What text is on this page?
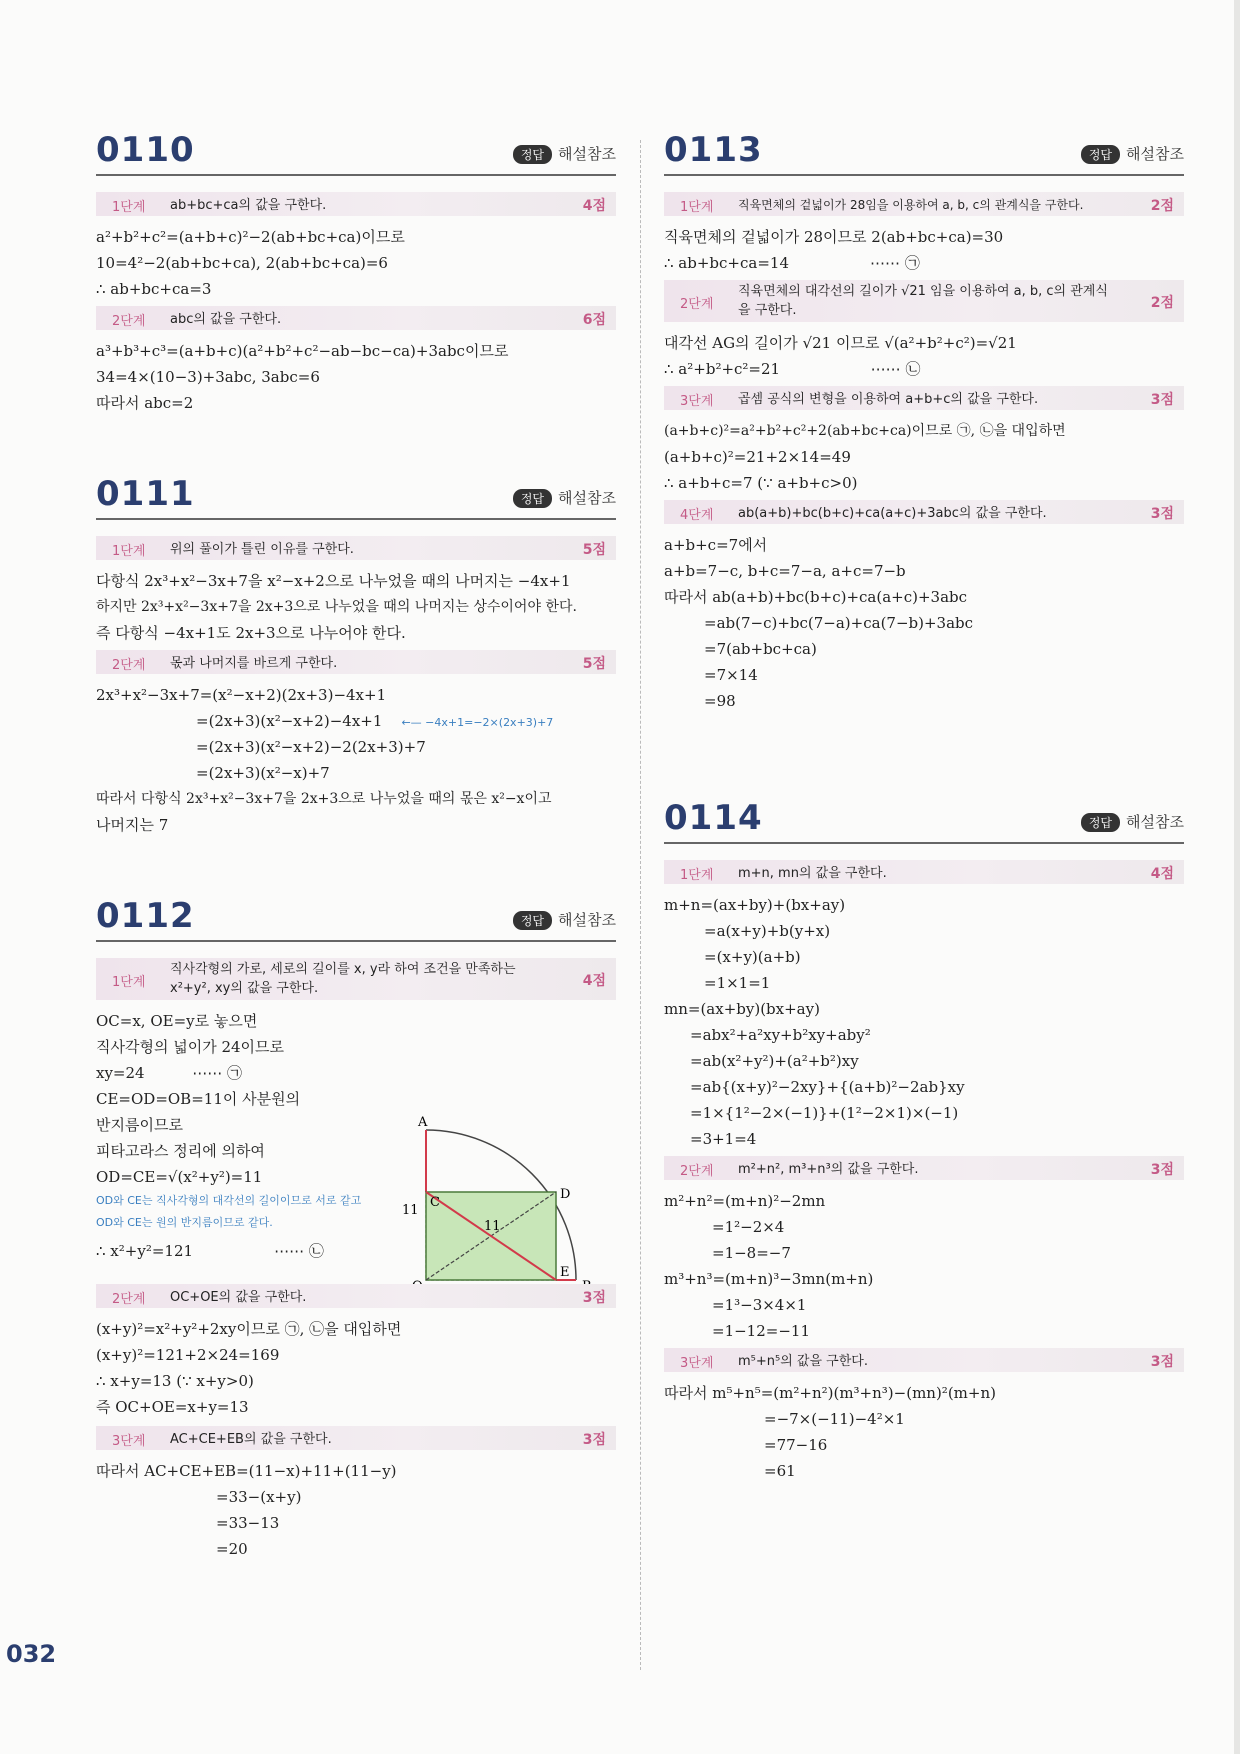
0110	정답 해설참조
1단계 ab+bc+ca의 값을 구한다.	4점
a²+b²+c²=(a+b+c)²−2(ab+bc+ca)이므로
10=4²−2(ab+bc+ca), 2(ab+bc+ca)=6
∴ ab+bc+ca=3
2단계 abc의 값을 구한다.	6점
a³+b³+c³=(a+b+c)(a²+b²+c²−ab−bc−ca)+3abc이므로
34=4×(10−3)+3abc, 3abc=6
따라서 abc=2
0111	정답 해설참조
1단계 위의 풀이가 틀린 이유를 구한다.	5점
다항식 2x³+x²−3x+7을 x²−x+2으로 나누었을 때의 나머지는 −4x+1
하지만 2x³+x²−3x+7을 2x+3으로 나누었을 때의 나머지는 상수이어야 한다.
즉 다항식 −4x+1도 2x+3으로 나누어야 한다.
2단계 몫과 나머지를 바르게 구한다.	5점
2x³+x²−3x+7=(x²−x+2)(2x+3)−4x+1
=(2x+3)(x²−x+2)−4x+1 ←— −4x+1=−2×(2x+3)+7
=(2x+3)(x²−x+2)−2(2x+3)+7
=(2x+3)(x²−x)+7
따라서 다항식 2x³+x²−3x+7을 2x+3으로 나누었을 때의 몫은 x²−x이고
나머지는 7
0112	정답 해설참조
1단계
직사각형의 가로, 세로의 길이를 x, y라 하여 조건을 만족하는 x²+y², xy의 값을 구한다.	4점
OC=x, OE=y로 놓으면
직사각형의 넓이가 24이므로
xy=24          ⋯⋯ ㉠
CE=OD=OB=11이 사분원의
반지름이므로
피타고라스 정리에 의하여
OD=CE=√(x²+y²)=11
OD와 CE는 직사각형의 대각선의 길이이므로 서로 같고
OD와 CE는 원의 반지름이므로 같다.
∴ x²+y²=121                 ⋯⋯ ㉡
A
C
D
E
11
11
2단계 OC+OE의 값을 구한다.	3점
(x+y)²=x²+y²+2xy이므로 ㉠, ㉡을 대입하면
(x+y)²=121+2×24=169
∴ x+y=13 (∵ x+y>0)
즉 OC+OE=x+y=13
3단계 AC+CE+EB의 값을 구한다.	3점
따라서 AC+CE+EB=(11−x)+11+(11−y)
=33−(x+y)
=33−13
=20
0113	정답 해설참조
1단계 직육면체의 겉넓이가 28임을 이용하여 a, b, c의 관계식을 구한다.	2점
직육면체의 겉넓이가 28이므로 2(ab+bc+ca)=30
∴ ab+bc+ca=14                 ⋯⋯ ㉠
2단계
직육면체의 대각선의 길이가 √21 임을 이용하여 a, b, c의 관계식을 구한다.	2점
대각선 AG의 길이가 √21 이므로 √(a²+b²+c²)=√21
∴ a²+b²+c²=21                   ⋯⋯ ㉡
3단계 곱셈 공식의 변형을 이용하여 a+b+c의 값을 구한다.	3점
(a+b+c)²=a²+b²+c²+2(ab+bc+ca)이므로 ㉠, ㉡을 대입하면
(a+b+c)²=21+2×14=49
∴ a+b+c=7 (∵ a+b+c>0)
4단계 ab(a+b)+bc(b+c)+ca(a+c)+3abc의 값을 구한다.	3점
a+b+c=7에서
a+b=7−c, b+c=7−a, a+c=7−b
따라서 ab(a+b)+bc(b+c)+ca(a+c)+3abc
=ab(7−c)+bc(7−a)+ca(7−b)+3abc
=7(ab+bc+ca)
=7×14
=98
0114	정답 해설참조
1단계 m+n, mn의 값을 구한다.	4점
m+n=(ax+by)+(bx+ay)
=a(x+y)+b(y+x)
=(x+y)(a+b)
=1×1=1
mn=(ax+by)(bx+ay)
=abx²+a²xy+b²xy+aby²
=ab(x²+y²)+(a²+b²)xy
=ab{(x+y)²−2xy}+{(a+b)²−2ab}xy
=1×{1²−2×(−1)}+(1²−2×1)×(−1)
=3+1=4
2단계 m²+n², m³+n³의 값을 구한다.	3점
m²+n²=(m+n)²−2mn
=1²−2×4
=1−8=−7
m³+n³=(m+n)³−3mn(m+n)
=1³−3×4×1
=1−12=−11
3단계 m⁵+n⁵의 값을 구한다.	3점
따라서 m⁵+n⁵=(m²+n²)(m³+n³)−(mn)²(m+n)
=−7×(−11)−4²×1
=77−16
=61
032
